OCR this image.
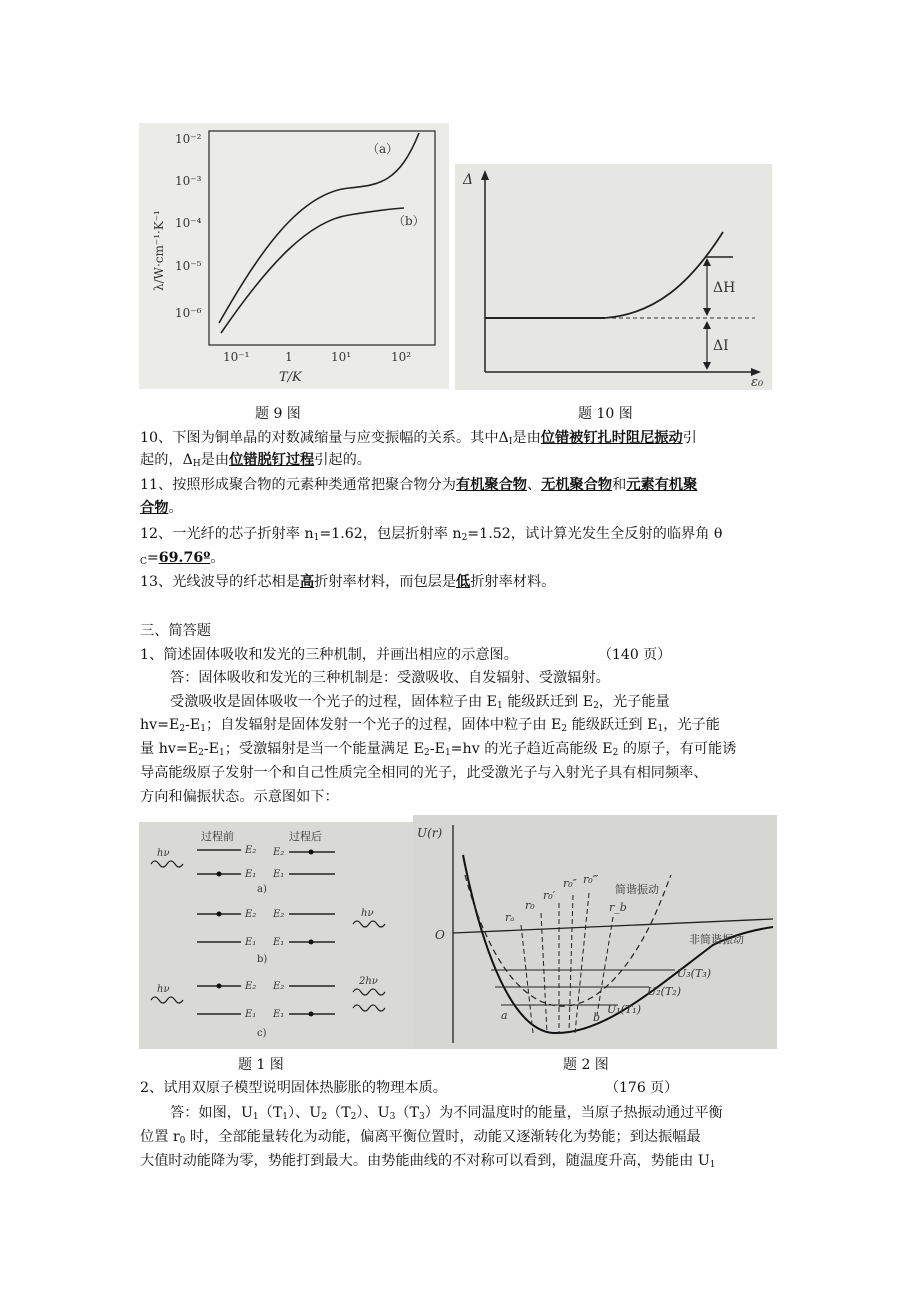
10⁻²
10⁻³
10⁻⁴
10⁻⁵
10⁻⁶
10⁻¹	1	10¹	10²
T/K
λ/W·cm⁻¹·K⁻¹
（a）
（b）
Δ
ε₀
ΔH
ΔI
题 9 图	题 10 图
10、下图为铜单晶的对数减缩量与应变振幅的关系。其中$\Delta_I$是由位错被钉扎时阻尼振动引
起的，$\Delta_H$是由位错脱钉过程引起的。
11、按照形成聚合物的元素种类通常把聚合物分为有机聚合物、无机聚合物和元素有机聚
合物。
12、一光纤的芯子折射率 $n_1=1.62$，包层折射率 $n_2=1.52$，试计算光发生全反射的临界角 θ
$_C$=69.76º。
13、光线波导的纤芯相是高折射率材料，而包层是低折射率材料。
三、简答题
1、简述固体吸收和发光的三种机制，并画出相应的示意图。	（140 页）
答：固体吸收和发光的三种机制是：受激吸收、自发辐射、受激辐射。
受激吸收是固体吸收一个光子的过程，固体粒子由 $E_1$ 能级跃迁到 $E_2$，光子能量
$hv=E_2-E_1$；自发辐射是固体发射一个光子的过程，固体中粒子由 $E_2$ 能级跃迁到 $E_1$，光子能
量 $hv=E_2-E_1$；受激辐射是当一个能量满足 $E_2-E_1=hv$ 的光子趋近高能级 $E_2$ 的原子，有可能诱
导高能级原子发射一个和自己性质完全相同的光子，此受激光子与入射光子具有相同频率、
方向和偏振状态。示意图如下：
过程前	过程后
E₂
E₁
E₂
E₁
E₂
E₁
E₂
E₁
E₂
E₁
E₂
E₁
a)
b)
c)
hν
hν
hν
2hν
U(r)
O
简谐振动
非简谐振动
U₃(T₃)
U₂(T₂)
U₁(T₁)
rₐ
r₀
r₀′
r₀″ r₀‴
r_b
a	b
题 1 图	题 2 图
2、试用双原子模型说明固体热膨胀的物理本质。	（176 页）
答：如图，$U_1(T_1)$、$U_2(T_2)$、$U_3(T_3)$为不同温度时的能量，当原子热振动通过平衡
位置 $r_0$ 时，全部能量转化为动能，偏离平衡位置时，动能又逐渐转化为势能；到达振幅最
大值时动能降为零，势能打到最大。由势能曲线的不对称可以看到，随温度升高，势能由 $U_1$
